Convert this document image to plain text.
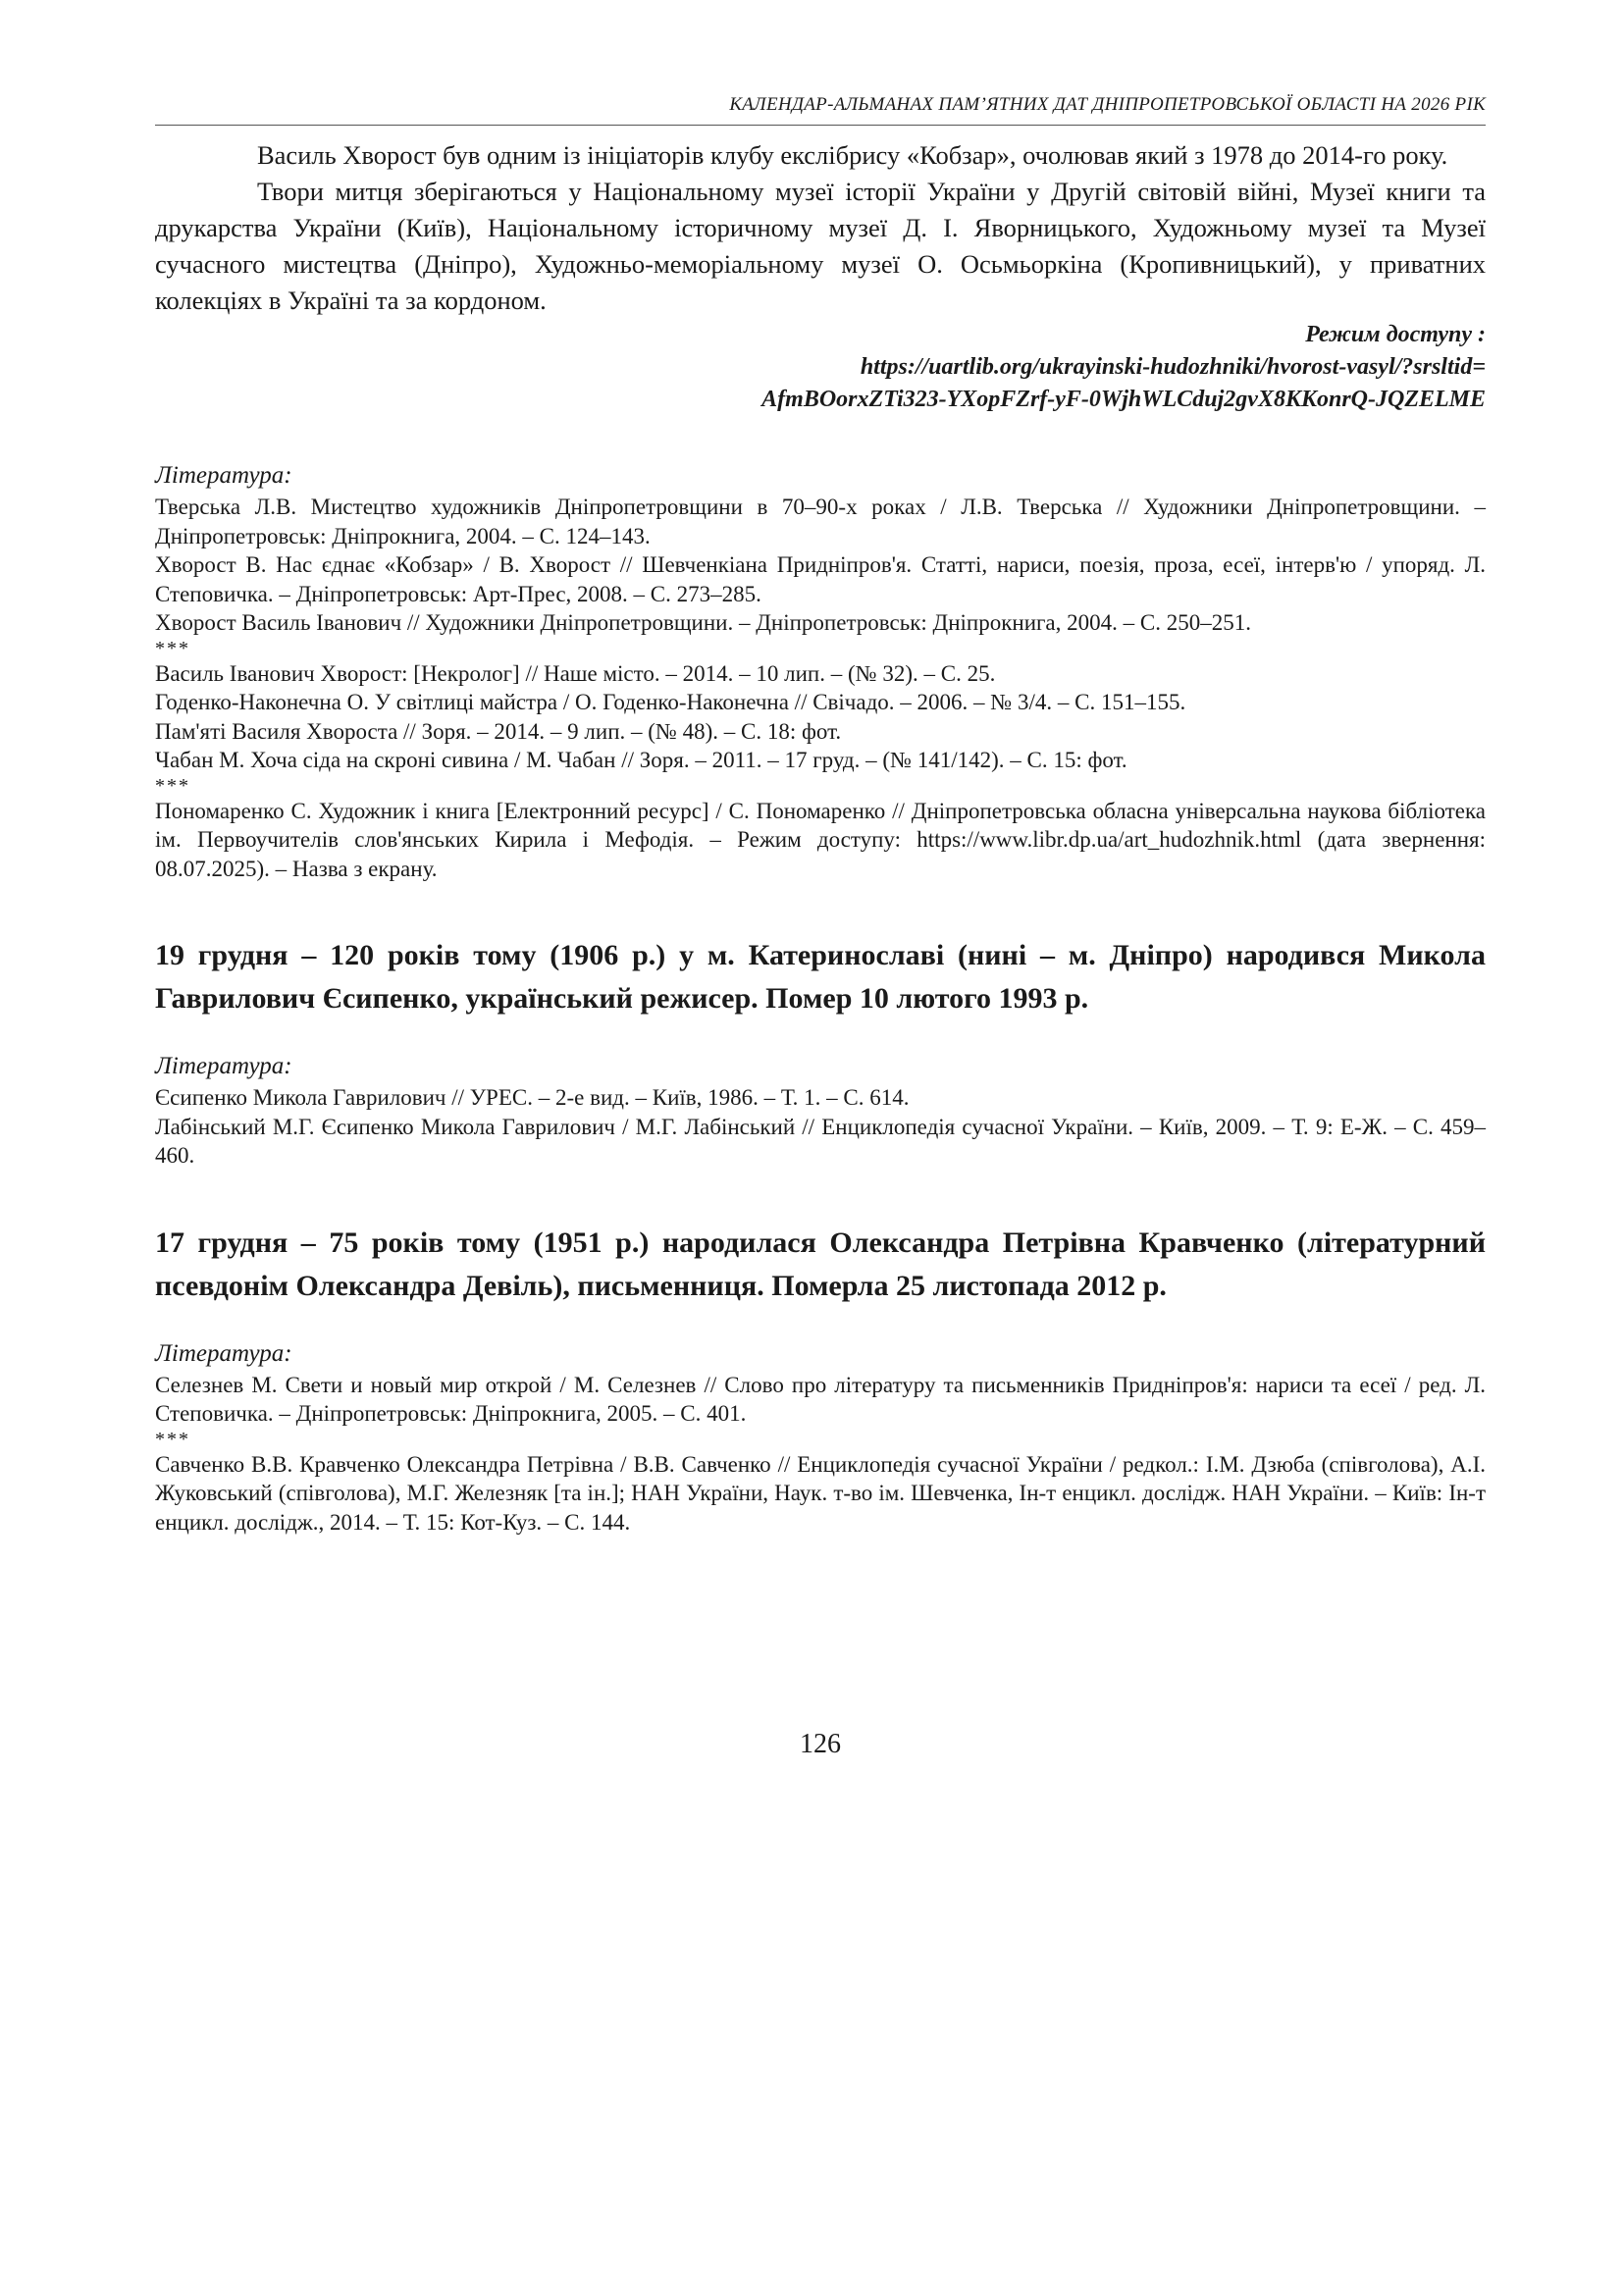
КАЛЕНДАР-АЛЬМАНАХ ПАМ’ЯТНИХ ДАТ ДНІПРОПЕТРОВСЬКОЇ ОБЛАСТІ НА 2026 РІК

Василь Хворост був одним із ініціаторів клубу екслібрису «Кобзар», очолював який з 1978 до 2014-го року.

Твори митця зберігаються у Національному музеї історії України у Другій світовій війні, Музеї книги та друкарства України (Київ), Національному історичному музеї Д. І. Яворницького, Художньому музеї та Музеї сучасного мистецтва (Дніпро), Художньо-меморіальному музеї О. Осьмьоркіна (Кропивницький), у приватних колекціях в Україні та за кордоном.

Режим доступу :
https://uartlib.org/ukrayinski-hudozhniki/hvorost-vasyl/?srsltid=
AfmBOorxZTi323-YXopFZrf-yF-0WjhWLCduj2gvX8KKonrQ-JQZELME

Література:

Тверська Л.В. Мистецтво художників Дніпропетровщини в 70–90-х роках / Л.В. Тверська // Художники Дніпропетровщини. – Дніпропетровськ: Дніпрокнига, 2004. – С. 124–143.

Хворост В. Нас єднає «Кобзар» / В. Хворост // Шевченкіана Придніпров'я. Статті, нариси, поезія, проза, есеї, інтерв'ю / упоряд. Л. Степовичка. – Дніпропетровськ: Арт-Прес, 2008. – С. 273–285.

Хворост Василь Іванович // Художники Дніпропетровщини. – Дніпропетровськ: Дніпрокнига, 2004. – С. 250–251.

***

Василь Іванович Хворост: [Некролог] // Наше місто. – 2014. – 10 лип. – (№ 32). – С. 25.

Годенко-Наконечна О. У світлиці майстра / О. Годенко-Наконечна // Свічадо. – 2006. – № 3/4. – С. 151–155.

Пам'яті Василя Хвороста // Зоря. – 2014. – 9 лип. – (№ 48). – С. 18: фот.

Чабан М. Хоча сіда на скроні сивина / М. Чабан // Зоря. – 2011. – 17 груд. – (№ 141/142). – С. 15: фот.

***

Пономаренко С. Художник і книга [Електронний ресурс] / С. Пономаренко // Дніпропетровська обласна універсальна наукова бібліотека ім. Первоучителів слов'янських Кирила і Мефодія. – Режим доступу: https://www.libr.dp.ua/art_hudozhnik.html (дата звернення: 08.07.2025). – Назва з екрану.

19 грудня – 120 років тому (1906 р.) у м. Катеринославі (нині – м. Дніпро) народився Микола Гаврилович Єсипенко, український режисер. Помер 10 лютого 1993 р.

Література:

Єсипенко Микола Гаврилович // УРЕС. – 2-е вид. – Київ, 1986. – Т. 1. – С. 614.

Лабінський М.Г. Єсипенко Микола Гаврилович / М.Г. Лабінський // Енциклопедія сучасної України. – Київ, 2009. – Т. 9: Е-Ж. – С. 459–460.

17 грудня – 75 років тому (1951 р.) народилася Олександра Петрівна Кравченко (літературний псевдонім Олександра Девіль), письменниця. Померла 25 листопада 2012 р.

Література:

Селезнев М. Свети и новый мир открой / М. Селезнев // Слово про літературу та письменників Придніпров'я: нариси та есеї / ред. Л. Степовичка. – Дніпропетровськ: Дніпрокнига, 2005. – С. 401.

***

Савченко В.В. Кравченко Олександра Петрівна / В.В. Савченко // Енциклопедія сучасної України / редкол.: І.М. Дзюба (співголова), А.І. Жуковський (співголова), М.Г. Железняк [та ін.]; НАН України, Наук. т-во ім. Шевченка, Ін-т енцикл. дослідж. НАН України. – Київ: Ін-т енцикл. дослідж., 2014. – Т. 15: Кот-Куз. – С. 144.

126
